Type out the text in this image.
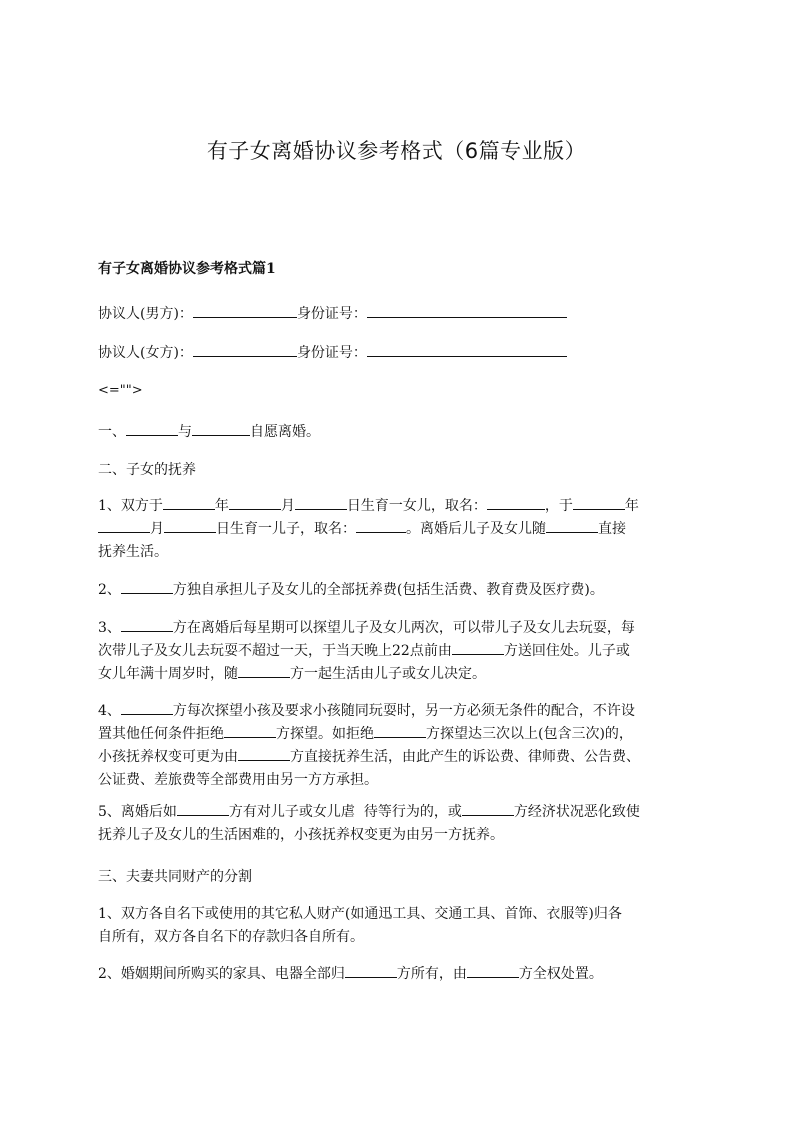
有子女离婚协议参考格式（6篇专业版）
有子女离婚协议参考格式篇1

协议人(男方)：	身份证号：

协议人(女方)：	身份证号：

<="">

一、	与	自愿离婚。

二、子女的抚养

1、双方于	年	月	日生育一女儿，取名：	，于	年
月	日生育一儿子，取名：	。离婚后儿子及女儿随	直接
抚养生活。

2、	方独自承担儿子及女儿的全部抚养费(包括生活费、教育费及医疗费)。

3、	方在离婚后每星期可以探望儿子及女儿两次，可以带儿子及女儿去玩耍，每
次带儿子及女儿去玩耍不超过一天，于当天晚上22点前由	方送回住处。儿子或
女儿年满十周岁时，随	方一起生活由儿子或女儿决定。
4、	方每次探望小孩及要求小孩随同玩耍时，另一方必须无条件的配合，不许设
置其他任何条件拒绝	方探望。如拒绝	方探望达三次以上(包含三次)的，
小孩抚养权变可更为由	方直接抚养生活，由此产生的诉讼费、律师费、公告费、
公证费、差旅费等全部费用由另一方方承担。
5、离婚后如	方有对儿子或女儿虐  待等行为的，或	方经济状况恶化致使
抚养儿子及女儿的生活困难的，小孩抚养权变更为由另一方抚养。

三、夫妻共同财产的分割

1、双方各自名下或使用的其它私人财产(如通迅工具、交通工具、首饰、衣服等)归各
自所有，双方各自名下的存款归各自所有。

2、婚姻期间所购买的家具、电器全部归	方所有，由	方全权处置。
